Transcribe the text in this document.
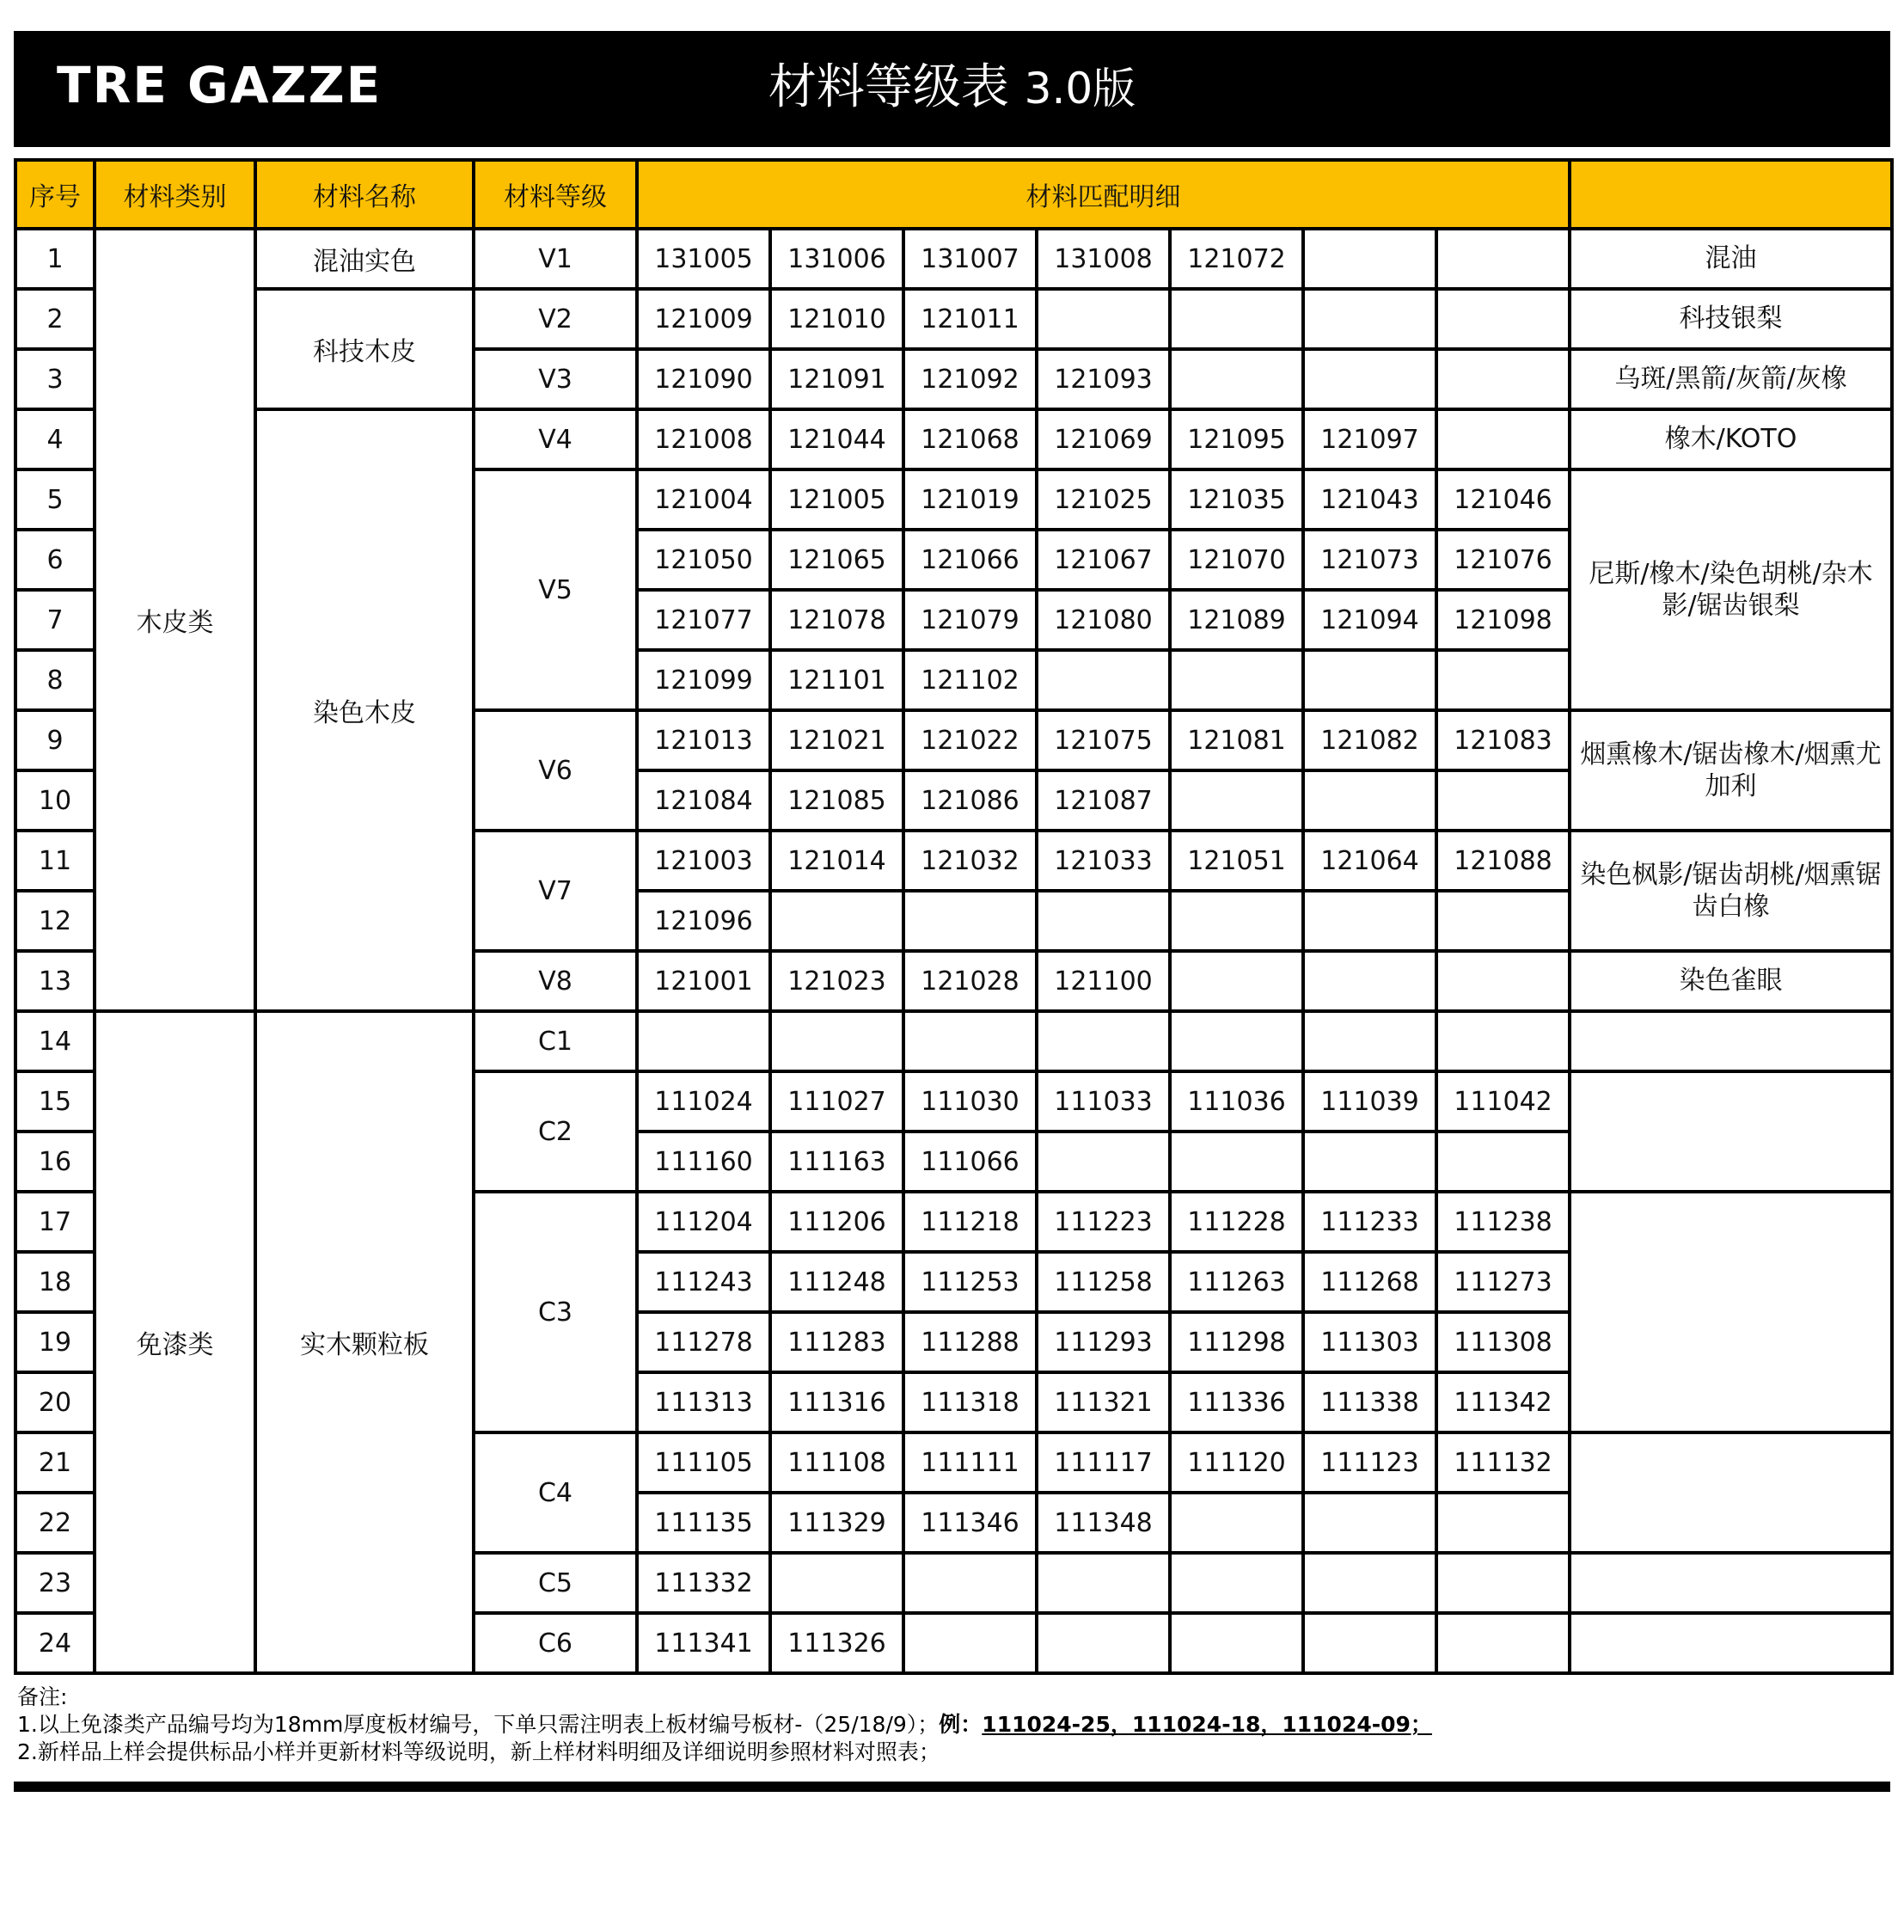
TRE GAZZE	材料等级表 3.0版
序号	材料类别	材料名称	材料等级	材料匹配明细							
1	木皮类	混油实色	V1	131005	131006	131007	131008	121072			混油
2		科技木皮	V2	121009	121010	121011					科技银梨
3			V3	121090	121091	121092	121093				乌斑/黑箭/灰箭/灰橡
4		染色木皮	V4	121008	121044	121068	121069	121095	121097		橡木/KOTO
5			V5	121004	121005	121019	121025	121035	121043	121046	尼斯/橡木/染色胡桃/杂木影/锯齿银梨
6				121050	121065	121066	121067	121070	121073	121076	
7				121077	121078	121079	121080	121089	121094	121098	
8				121099	121101	121102					
9			V6	121013	121021	121022	121075	121081	121082	121083	烟熏橡木/锯齿橡木/烟熏尤加利
10				121084	121085	121086	121087				
11			V7	121003	121014	121032	121033	121051	121064	121088	染色枫影/锯齿胡桃/烟熏锯齿白橡
12				121096							
13			V8	121001	121023	121028	121100				染色雀眼
14	免漆类	实木颗粒板	C1								
15			C2	111024	111027	111030	111033	111036	111039	111042	
16				111160	111163	111066					
17			C3	111204	111206	111218	111223	111228	111233	111238	
18				111243	111248	111253	111258	111263	111268	111273	
19				111278	111283	111288	111293	111298	111303	111308	
20				111313	111316	111318	111321	111336	111338	111342	
21			C4	111105	111108	111111	111117	111120	111123	111132	
22				111135	111329	111346	111348				
23			C5	111332							
24			C6	111341	111326						
备注:
1.以上免漆类产品编号均为18mm厚度板材编号，下单只需注明表上板材编号板材-（25/18/9）；例：111024-25，111024-18，111024-09；
2.新样品上样会提供标品小样并更新材料等级说明，新上样材料明细及详细说明参照材料对照表；
